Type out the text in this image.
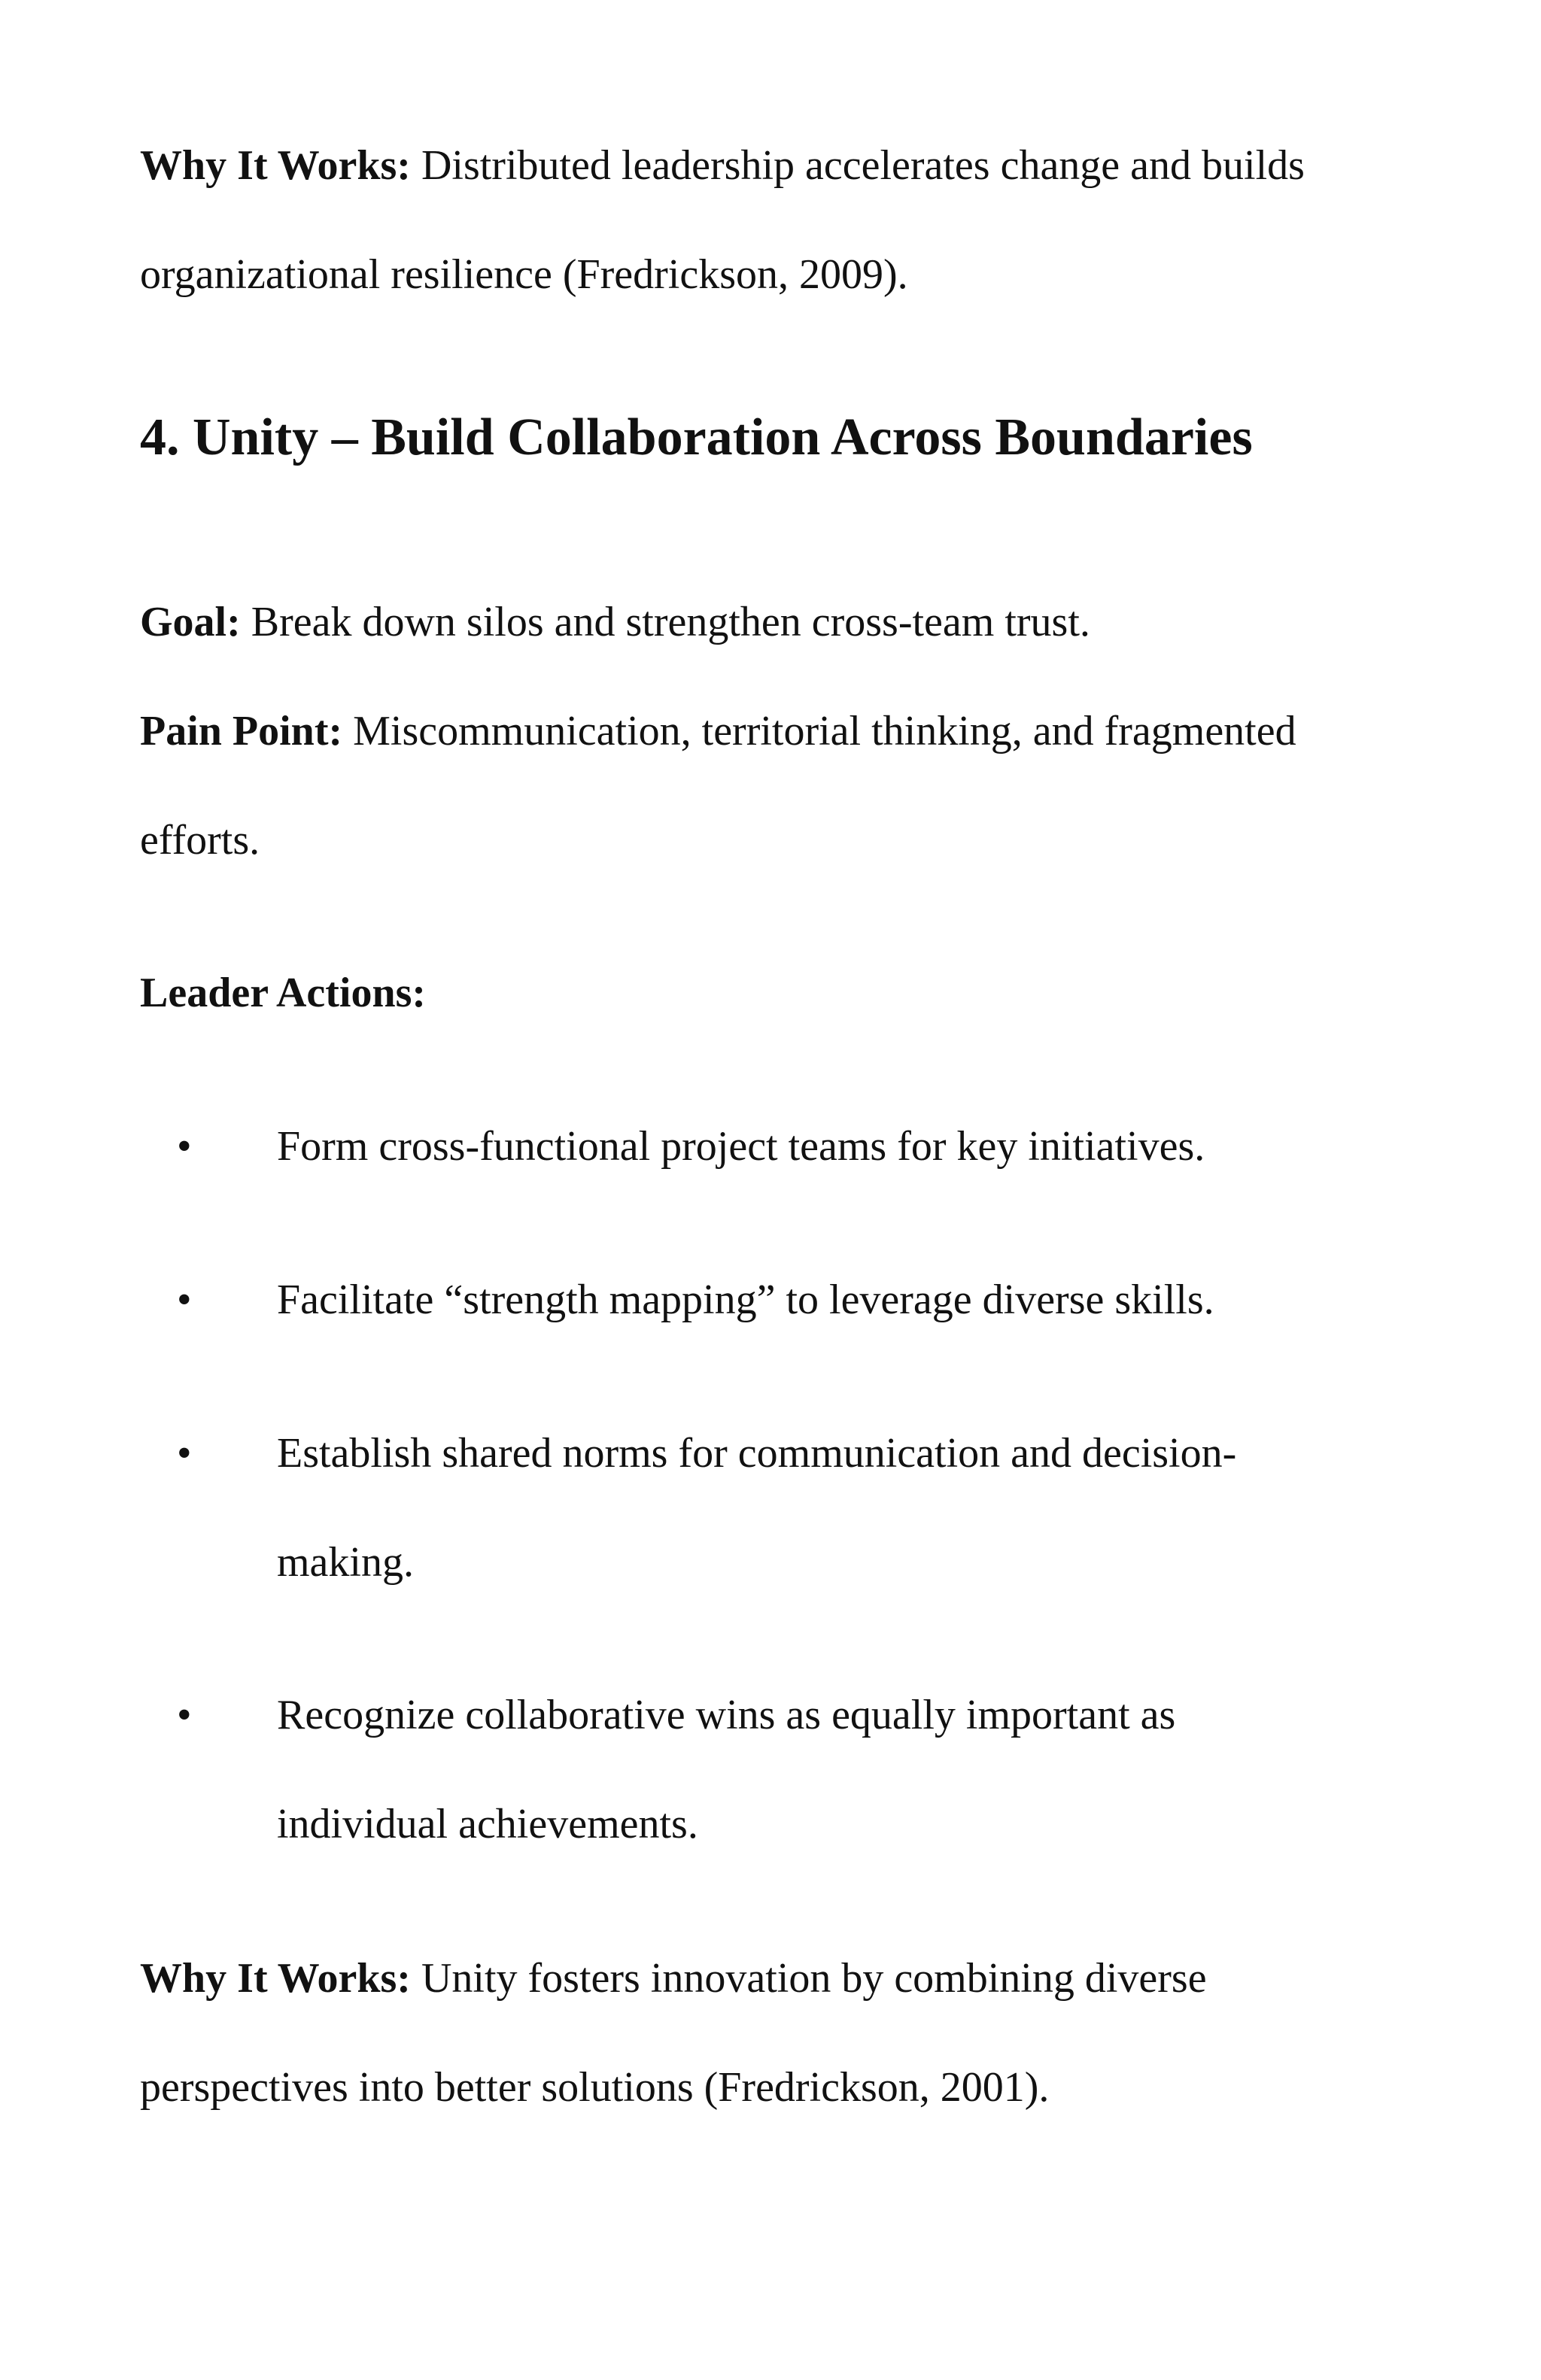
Why It Works: Distributed leadership accelerates change and builds organizational resilience (Fredrickson, 2009).

4. Unity – Build Collaboration Across Boundaries

Goal: Break down silos and strengthen cross-team trust.

Pain Point: Miscommunication, territorial thinking, and fragmented efforts.

Leader Actions:

• Form cross-functional project teams for key initiatives.

• Facilitate “strength mapping” to leverage diverse skills.

• Establish shared norms for communication and decision-making.

• Recognize collaborative wins as equally important as individual achievements.

Why It Works: Unity fosters innovation by combining diverse perspectives into better solutions (Fredrickson, 2001).
